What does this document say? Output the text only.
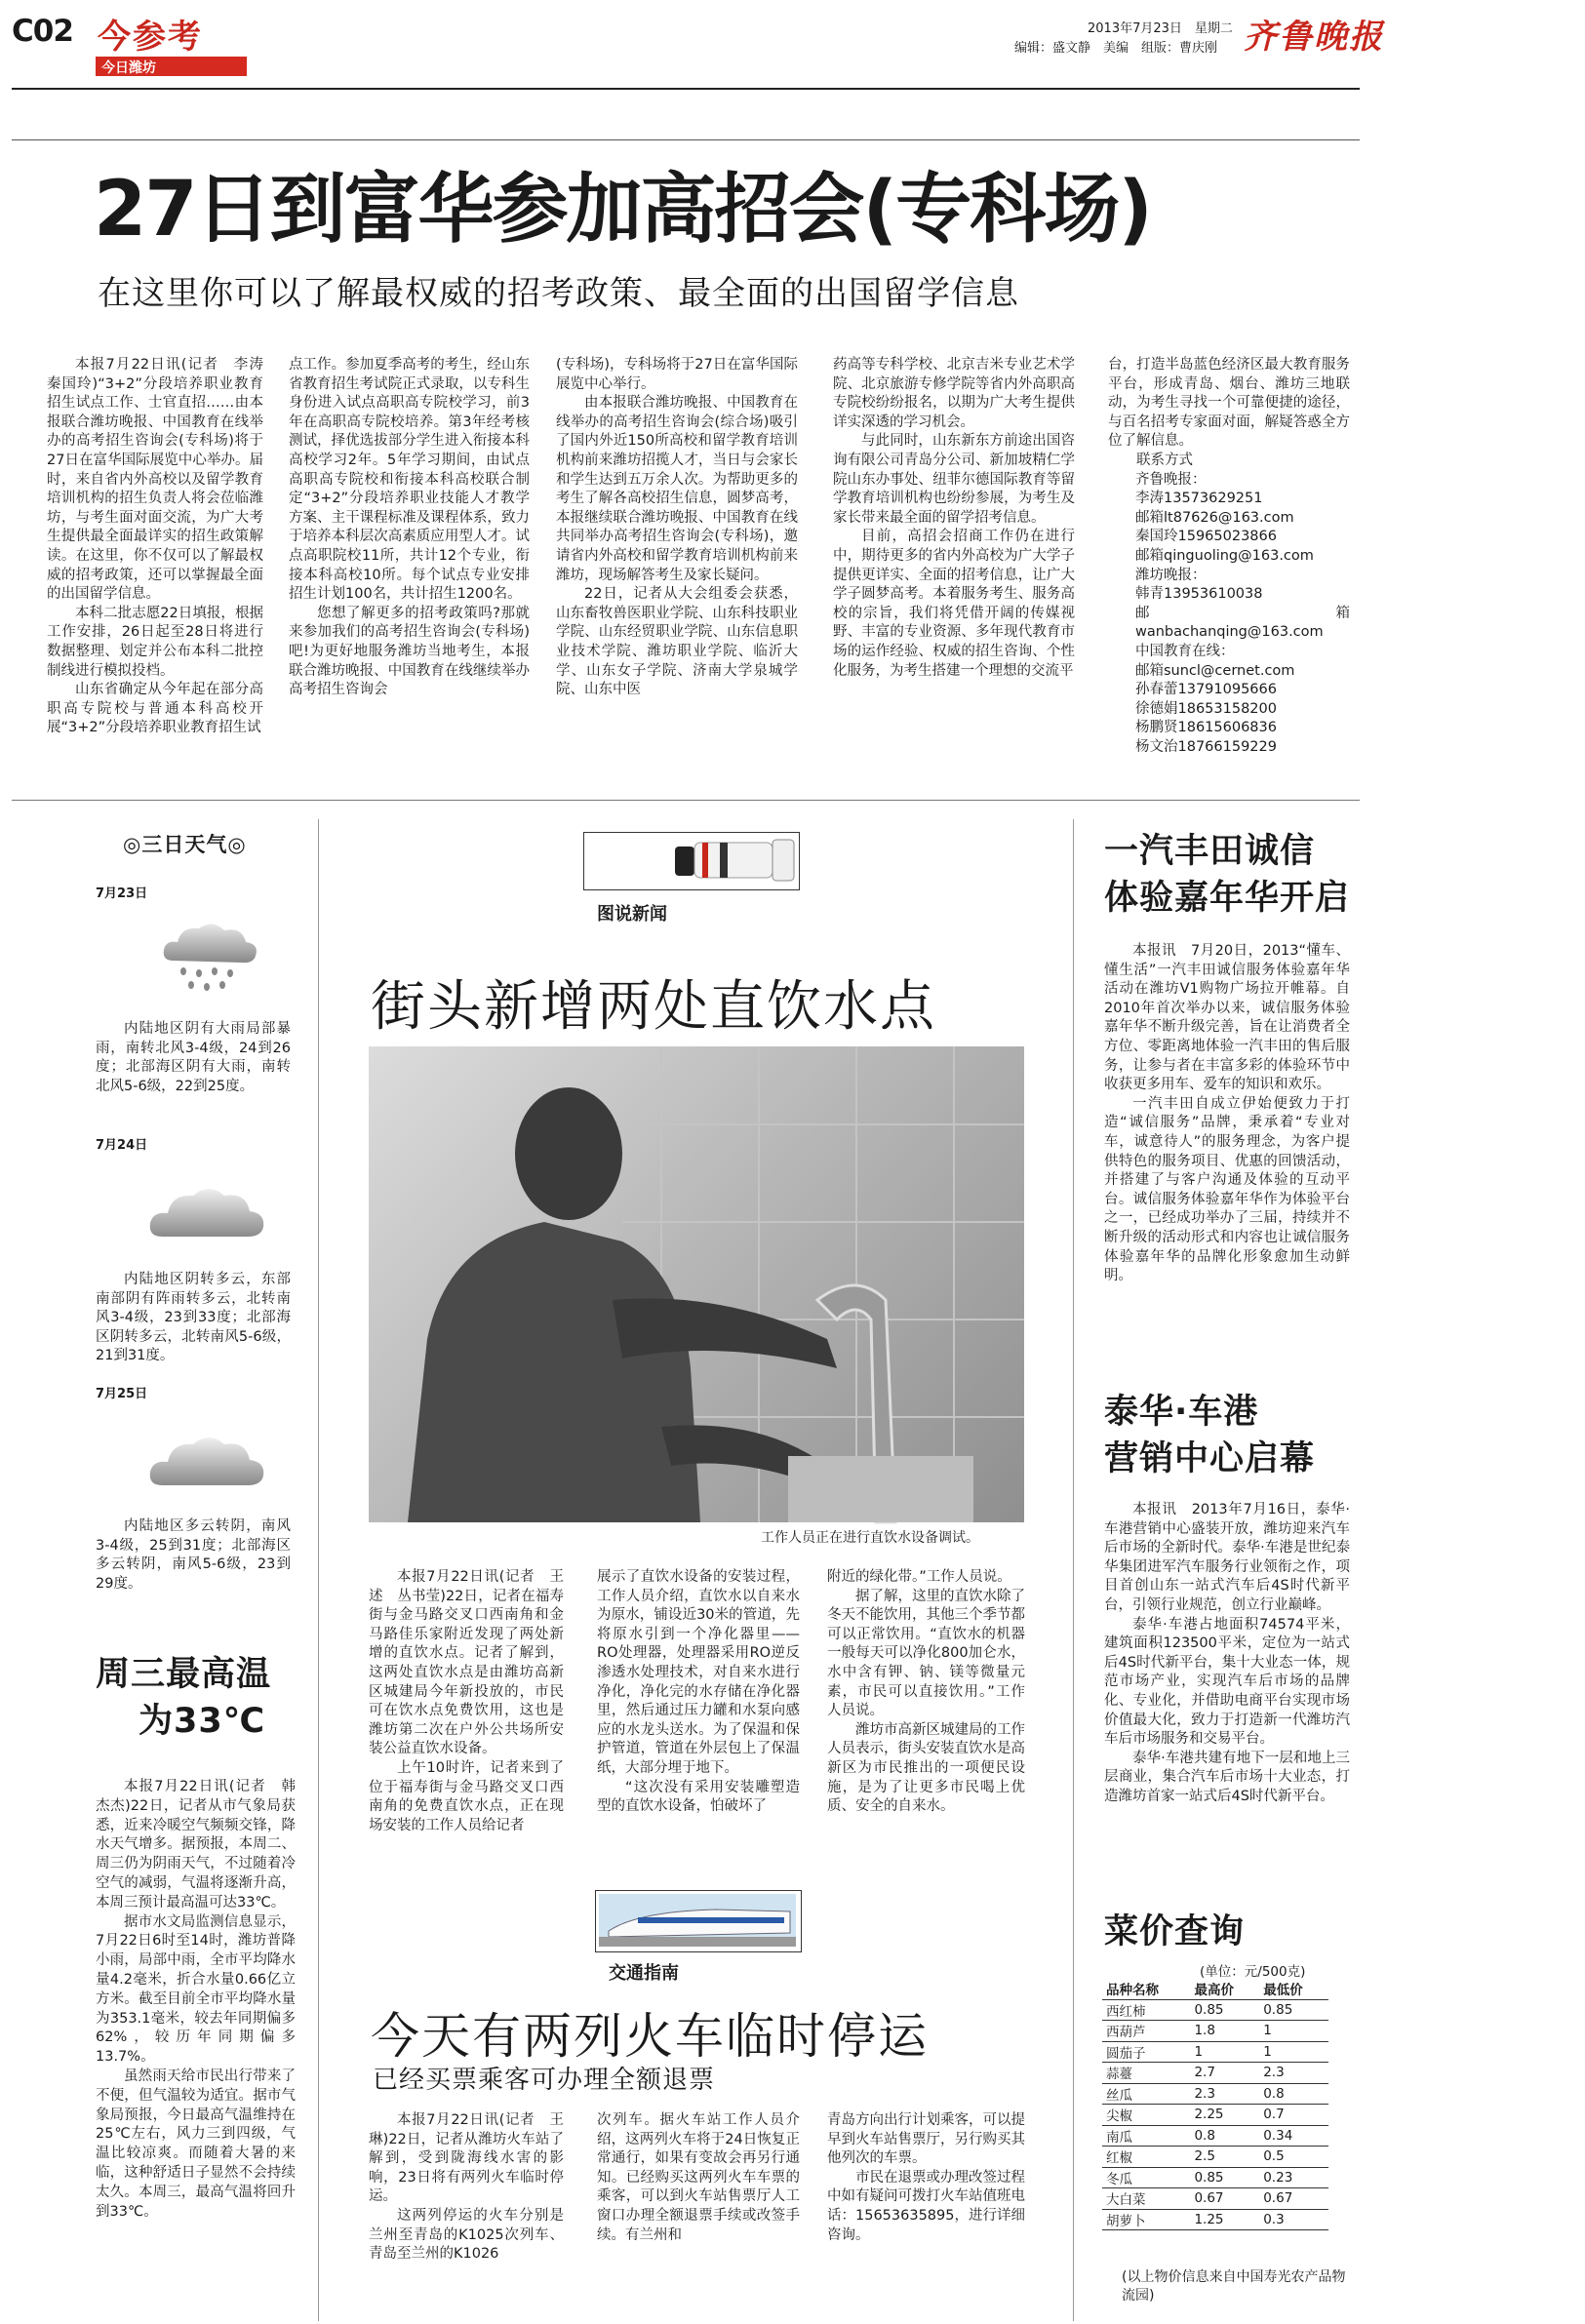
C02 今参考
今日潍坊
2013年7月23日　星期二
编辑：盛文静　美编　组版：曹庆刚 齐鲁晚报
27日到富华参加高招会(专科场)
在这里你可以了解最权威的招考政策、最全面的出国留学信息

本报7月22日讯(记者　李涛　秦国玲)“3+2”分段培养职业教育招生试点工作、士官直招……由本报联合潍坊晚报、中国教育在线举办的高考招生咨询会(专科场)将于27日在富华国际展览中心举办。届时，来自省内外高校以及留学教育培训机构的招生负责人将会莅临潍坊，与考生面对面交流，为广大考生提供最全面最详实的招生政策解读。在这里，你不仅可以了解最权威的招考政策，还可以掌握最全面的出国留学信息。

本科二批志愿22日填报，根据工作安排，26日起至28日将进行数据整理、划定并公布本科二批控制线进行模拟投档。

山东省确定从今年起在部分高职高专院校与普通本科高校开展“3+2”分段培养职业教育招生试

点工作。参加夏季高考的考生，经山东省教育招生考试院正式录取，以专科生身份进入试点高职高专院校学习，前3年在高职高专院校培养。第3年经考核测试，择优选拔部分学生进入衔接本科高校学习2年。5年学习期间，由试点高职高专院校和衔接本科高校联合制定“3+2”分段培养职业技能人才教学方案、主干课程标准及课程体系，致力于培养本科层次高素质应用型人才。试点高职院校11所，共计12个专业，衔接本科高校10所。每个试点专业安排招生计划100名，共计招生1200名。

您想了解更多的招考政策吗?那就来参加我们的高考招生咨询会(专科场)吧!为更好地服务潍坊当地考生，本报联合潍坊晚报、中国教育在线继续举办高考招生咨询会

(专科场)，专科场将于27日在富华国际展览中心举行。

由本报联合潍坊晚报、中国教育在线举办的高考招生咨询会(综合场)吸引了国内外近150所高校和留学教育培训机构前来潍坊招揽人才，当日与会家长和学生达到五万余人次。为帮助更多的考生了解各高校招生信息，圆梦高考，本报继续联合潍坊晚报、中国教育在线共同举办高考招生咨询会(专科场)，邀请省内外高校和留学教育培训机构前来潍坊，现场解答考生及家长疑问。

22日，记者从大会组委会获悉，山东畜牧兽医职业学院、山东科技职业学院、山东经贸职业学院、山东信息职业技术学院、潍坊职业学院、临沂大学、山东女子学院、济南大学泉城学院、山东中医

药高等专科学校、北京吉米专业艺术学院、北京旅游专修学院等省内外高职高专院校纷纷报名，以期为广大考生提供详实深透的学习机会。

与此同时，山东新东方前途出国咨询有限公司青岛分公司、新加坡精仁学院山东办事处、纽菲尔德国际教育等留学教育培训机构也纷纷参展，为考生及家长带来最全面的留学招考信息。

目前，高招会招商工作仍在进行中，期待更多的省内外高校为广大学子提供更详实、全面的招考信息，让广大学子圆梦高考。本着服务考生、服务高校的宗旨，我们将凭借开阔的传媒视野、丰富的专业资源、多年现代教育市场的运作经验、权威的招生咨询、个性化服务，为考生搭建一个理想的交流平

台，打造半岛蓝色经济区最大教育服务平台，形成青岛、烟台、潍坊三地联动，为考生寻找一个可靠便捷的途径，与百名招考专家面对面，解疑答惑全方位了解信息。

联系方式

齐鲁晚报：
李涛13573629251
邮箱lt87626@163.com
秦国玲15965023866
邮箱qinguoling@163.com
潍坊晚报：
韩青13953610038
邮箱wanbachanqing@163.com
中国教育在线：
邮箱suncl@cernet.com
孙春蕾13791095666
徐德娟18653158200
杨鹏贤18615606836
杨文治18766159229
◎三日天气◎
7月23日
内陆地区阴有大雨局部暴雨，南转北风3-4级，24到26度；北部海区阴有大雨，南转北风5-6级，22到25度。
7月24日
内陆地区阴转多云，东部南部阴有阵雨转多云，北转南风3-4级，23到33度；北部海区阴转多云，北转南风5-6级，21到31度。
7月25日
内陆地区多云转阴，南风3-4级，25到31度；北部海区多云转阴，南风5-6级，23到29度。
周三最高温
为33℃

本报7月22日讯(记者　韩杰杰)22日，记者从市气象局获悉，近来冷暖空气频频交锋，降水天气增多。据预报，本周二、周三仍为阴雨天气，不过随着冷空气的减弱，气温将逐渐升高，本周三预计最高温可达33℃。

据市水文局监测信息显示，7月22日6时至14时，潍坊普降小雨，局部中雨，全市平均降水量4.2毫米，折合水量0.66亿立方米。截至目前全市平均降水量为353.1毫米，较去年同期偏多62%，较历年同期偏多13.7%。

虽然雨天给市民出行带来了不便，但气温较为适宜。据市气象局预报，今日最高气温维持在25℃左右，风力三到四级，气温比较凉爽。而随着大暑的来临，这种舒适日子显然不会持续太久。本周三，最高气温将回升到33℃。

图说新闻
街头新增两处直饮水点
工作人员正在进行直饮水设备调试。

本报7月22日讯(记者　王述　丛书莹)22日，记者在福寿街与金马路交叉口西南角和金马路佳乐家附近发现了两处新增的直饮水点。记者了解到，这两处直饮水点是由潍坊高新区城建局今年新投放的，市民可在饮水点免费饮用，这也是潍坊第二次在户外公共场所安装公益直饮水设备。

上午10时许，记者来到了位于福寿街与金马路交叉口西南角的免费直饮水点，正在现场安装的工作人员给记者

展示了直饮水设备的安装过程，工作人员介绍，直饮水以自来水为原水，铺设近30米的管道，先将原水引到一个净化器里——RO处理器，处理器采用RO逆反渗透水处理技术，对自来水进行净化，净化完的水存储在净化器里，然后通过压力罐和水泵向感应的水龙头送水。为了保温和保护管道，管道在外层包上了保温纸，大部分埋于地下。

“这次没有采用安装雕塑造型的直饮水设备，怕破坏了

附近的绿化带。”工作人员说。

据了解，这里的直饮水除了冬天不能饮用，其他三个季节都可以正常饮用。“直饮水的机器一般每天可以净化800加仑水，水中含有钾、钠、镁等微量元素，市民可以直接饮用。”工作人员说。

潍坊市高新区城建局的工作人员表示，街头安装直饮水是高新区为市民推出的一项便民设施，是为了让更多市民喝上优质、安全的自来水。

交通指南
今天有两列火车临时停运
已经买票乘客可办理全额退票

本报7月22日讯(记者　王琳)22日，记者从潍坊火车站了解到，受到陇海线水害的影响，23日将有两列火车临时停运。

这两列停运的火车分别是兰州至青岛的K1025次列车、青岛至兰州的K1026

次列车。据火车站工作人员介绍，这两列火车将于24日恢复正常通行，如果有变故会再另行通知。已经购买这两列火车车票的乘客，可以到火车站售票厅人工窗口办理全额退票手续或改签手续。有兰州和

青岛方向出行计划乘客，可以提早到火车站售票厅，另行购买其他列次的车票。

市民在退票或办理改签过程中如有疑问可拨打火车站值班电话：15653635895，进行详细咨询。

一汽丰田诚信
体验嘉年华开启

本报讯　7月20日，2013“懂车、懂生活”一汽丰田诚信服务体验嘉年华活动在潍坊V1购物广场拉开帷幕。自2010年首次举办以来，诚信服务体验嘉年华不断升级完善，旨在让消费者全方位、零距离地体验一汽丰田的售后服务，让参与者在丰富多彩的体验环节中收获更多用车、爱车的知识和欢乐。

一汽丰田自成立伊始便致力于打造“诚信服务”品牌，秉承着“专业对车，诚意待人”的服务理念，为客户提供特色的服务项目、优惠的回馈活动，并搭建了与客户沟通及体验的互动平台。诚信服务体验嘉年华作为体验平台之一，已经成功举办了三届，持续并不断升级的活动形式和内容也让诚信服务体验嘉年华的品牌化形象愈加生动鲜明。

泰华·车港
营销中心启幕

本报讯　2013年7月16日，泰华·车港营销中心盛装开放，潍坊迎来汽车后市场的全新时代。泰华·车港是世纪泰华集团进军汽车服务行业领衔之作，项目首创山东一站式汽车后4S时代新平台，引领行业规范，创立行业巅峰。

泰华·车港占地面积74574平米，建筑面积123500平米，定位为一站式后4S时代新平台，集十大业态一体，规范市场产业，实现汽车后市场的品牌化、专业化，并借助电商平台实现市场价值最大化，致力于打造新一代潍坊汽车后市场服务和交易平台。

泰华·车港共建有地下一层和地上三层商业，集合汽车后市场十大业态，打造潍坊首家一站式后4S时代新平台。

菜价查询
(单位：元/500克)
品种名称	最高价	最低价
西红柿	0.85	0.85
西葫芦	1.8	1
圆茄子	1	1
蒜薹	2.7	2.3
丝瓜	2.3	0.8
尖椒	2.25	0.7
南瓜	0.8	0.34
红椒	2.5	0.5
冬瓜	0.85	0.23
大白菜	0.67	0.67
胡萝卜	1.25	0.3
(以上物价信息来自中国寿光农产品物流园)
